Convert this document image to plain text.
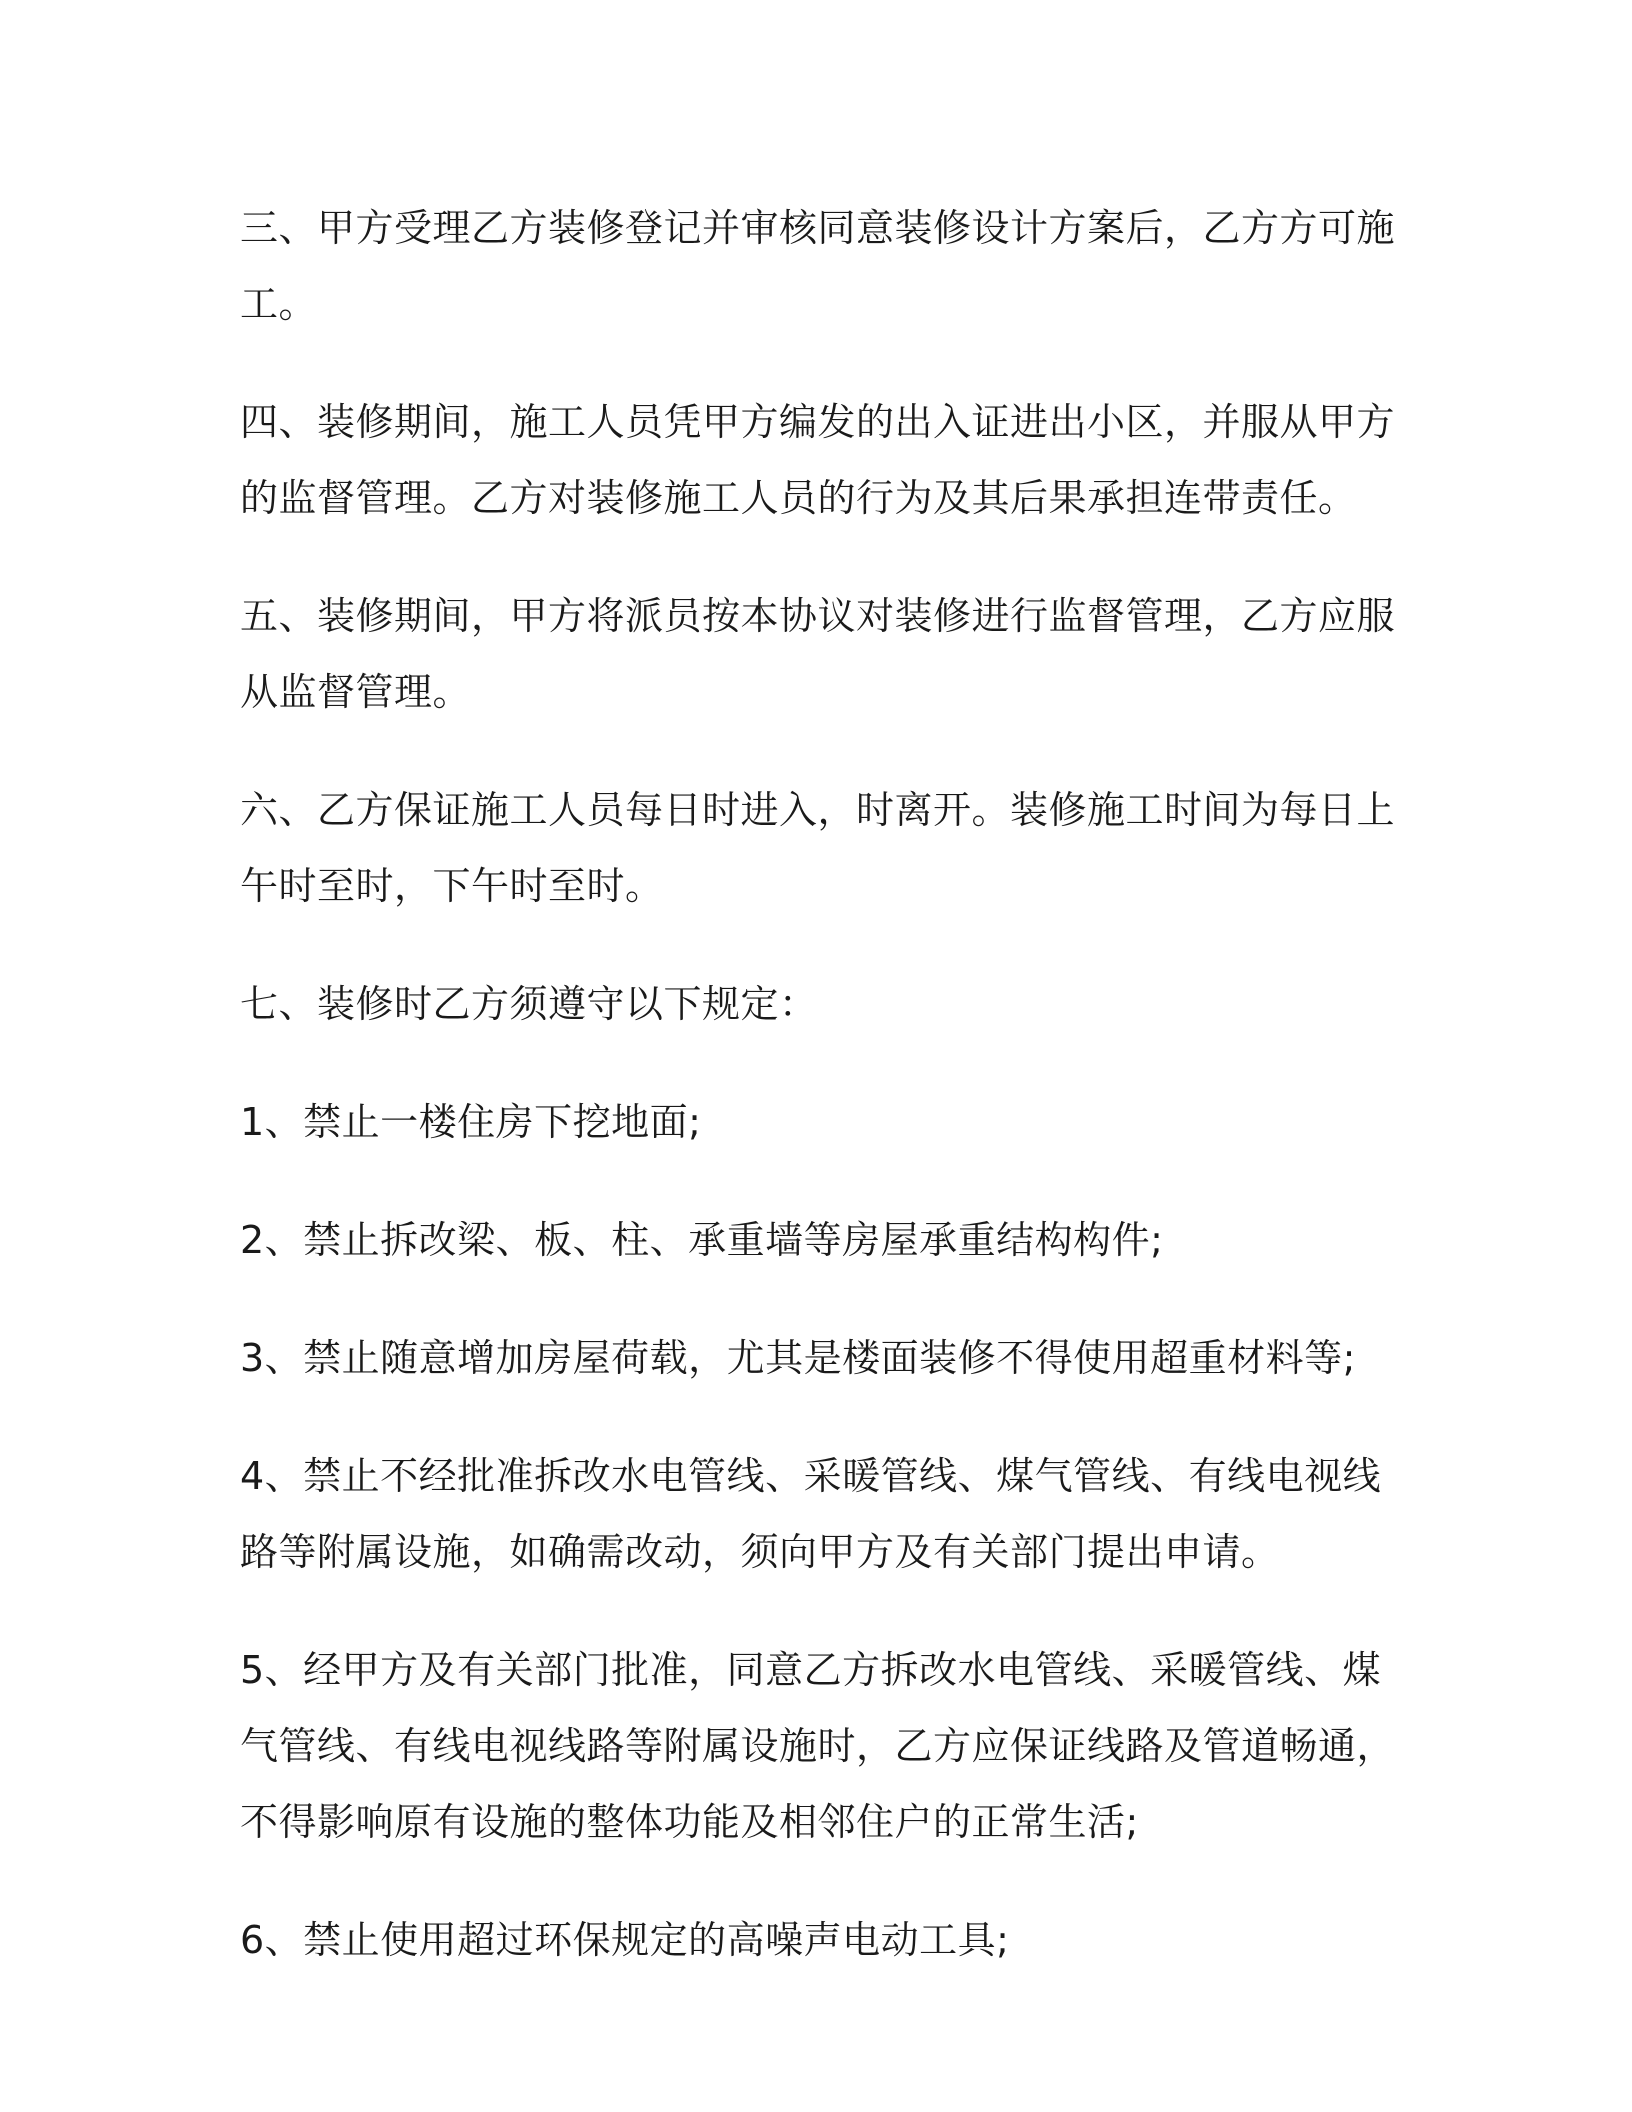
三、甲方受理乙方装修登记并审核同意装修设计方案后，乙方方可施工。

四、装修期间，施工人员凭甲方编发的出入证进出小区，并服从甲方的监督管理。乙方对装修施工人员的行为及其后果承担连带责任。

五、装修期间，甲方将派员按本协议对装修进行监督管理，乙方应服从监督管理。

六、乙方保证施工人员每日时进入，时离开。装修施工时间为每日上午时至时，下午时至时。

七、装修时乙方须遵守以下规定：

1、禁止一楼住房下挖地面;

2、禁止拆改梁、板、柱、承重墙等房屋承重结构构件;

3、禁止随意增加房屋荷载，尤其是楼面装修不得使用超重材料等;

4、禁止不经批准拆改水电管线、采暖管线、煤气管线、有线电视线路等附属设施，如确需改动，须向甲方及有关部门提出申请。

5、经甲方及有关部门批准，同意乙方拆改水电管线、采暖管线、煤气管线、有线电视线路等附属设施时，乙方应保证线路及管道畅通，不得影响原有设施的整体功能及相邻住户的正常生活;

6、禁止使用超过环保规定的高噪声电动工具;
